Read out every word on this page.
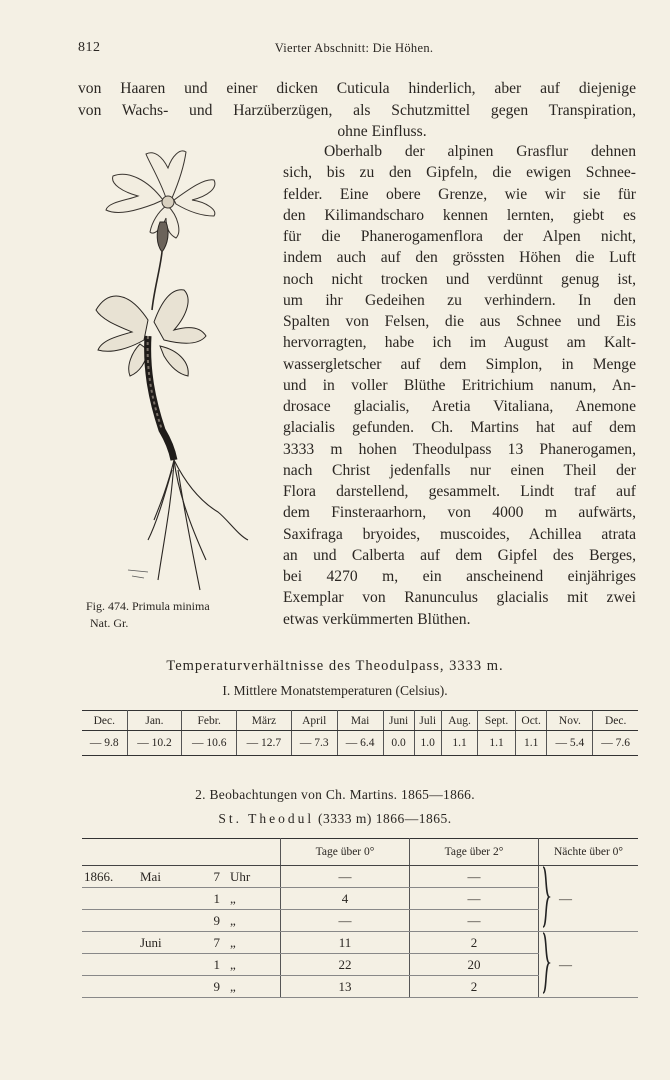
812	Vierter Abschnitt: Die Höhen.
von Haaren und einer dicken Cuticula hinderlich, aber auf diejenige
von Wachs- und Harzüberzügen, als Schutzmittel gegen Transpiration,
ohne Einfluss.
Oberhalb der alpinen Grasflur dehnen
sich, bis zu den Gipfeln, die ewigen Schnee-
felder. Eine obere Grenze, wie wir sie für
den Kilimandscharo kennen lernten, giebt es
für die Phanerogamenflora der Alpen nicht,
indem auch auf den grössten Höhen die Luft
noch nicht trocken und verdünnt genug ist,
um ihr Gedeihen zu verhindern. In den
Spalten von Felsen, die aus Schnee und Eis
hervorragten, habe ich im August am Kalt-
wassergletscher auf dem Simplon, in Menge
und in voller Blüthe Eritrichium nanum, An-
drosace glacialis, Aretia Vitaliana, Anemone
glacialis gefunden. Ch. Martins hat auf dem
3333 m hohen Theodulpass 13 Phanerogamen,
nach Christ jedenfalls nur einen Theil der
Flora darstellend, gesammelt. Lindt traf auf
dem Finsteraarhorn, von 4000 m aufwärts,
Saxifraga bryoides, muscoides, Achillea atrata
an und Calberta auf dem Gipfel des Berges,
bei 4270 m, ein anscheinend einjähriges
Exemplar von Ranunculus glacialis mit zwei
etwas verkümmerten Blüthen.
Fig. 474. Primula minima
Nat. Gr.
Temperaturverhältnisse des Theodulpass, 3333 m.
I. Mittlere Monatstemperaturen (Celsius).
Dec.	Jan.	Febr.	März	April	Mai	Juni	Juli	Aug.	Sept.	Oct.	Nov.	Dec.
— 9.8	— 10.2	— 10.6	— 12.7	— 7.3	— 6.4	0.0	1.0	1.1	1.1	1.1	— 5.4	— 7.6
2. Beobachtungen von Ch. Martins. 1865—1866.
St. Theodul (3333 m) 1866—1865.
				Tage über 0°	Tage über 2°	Nächte über 0°
1866.	Mai	7	Uhr	—	—	—
		1	„	4	—	
		9	„	—	—	
	Juni	7	„	11	2	—
		1	„	22	20	
		9	„	13	2	
